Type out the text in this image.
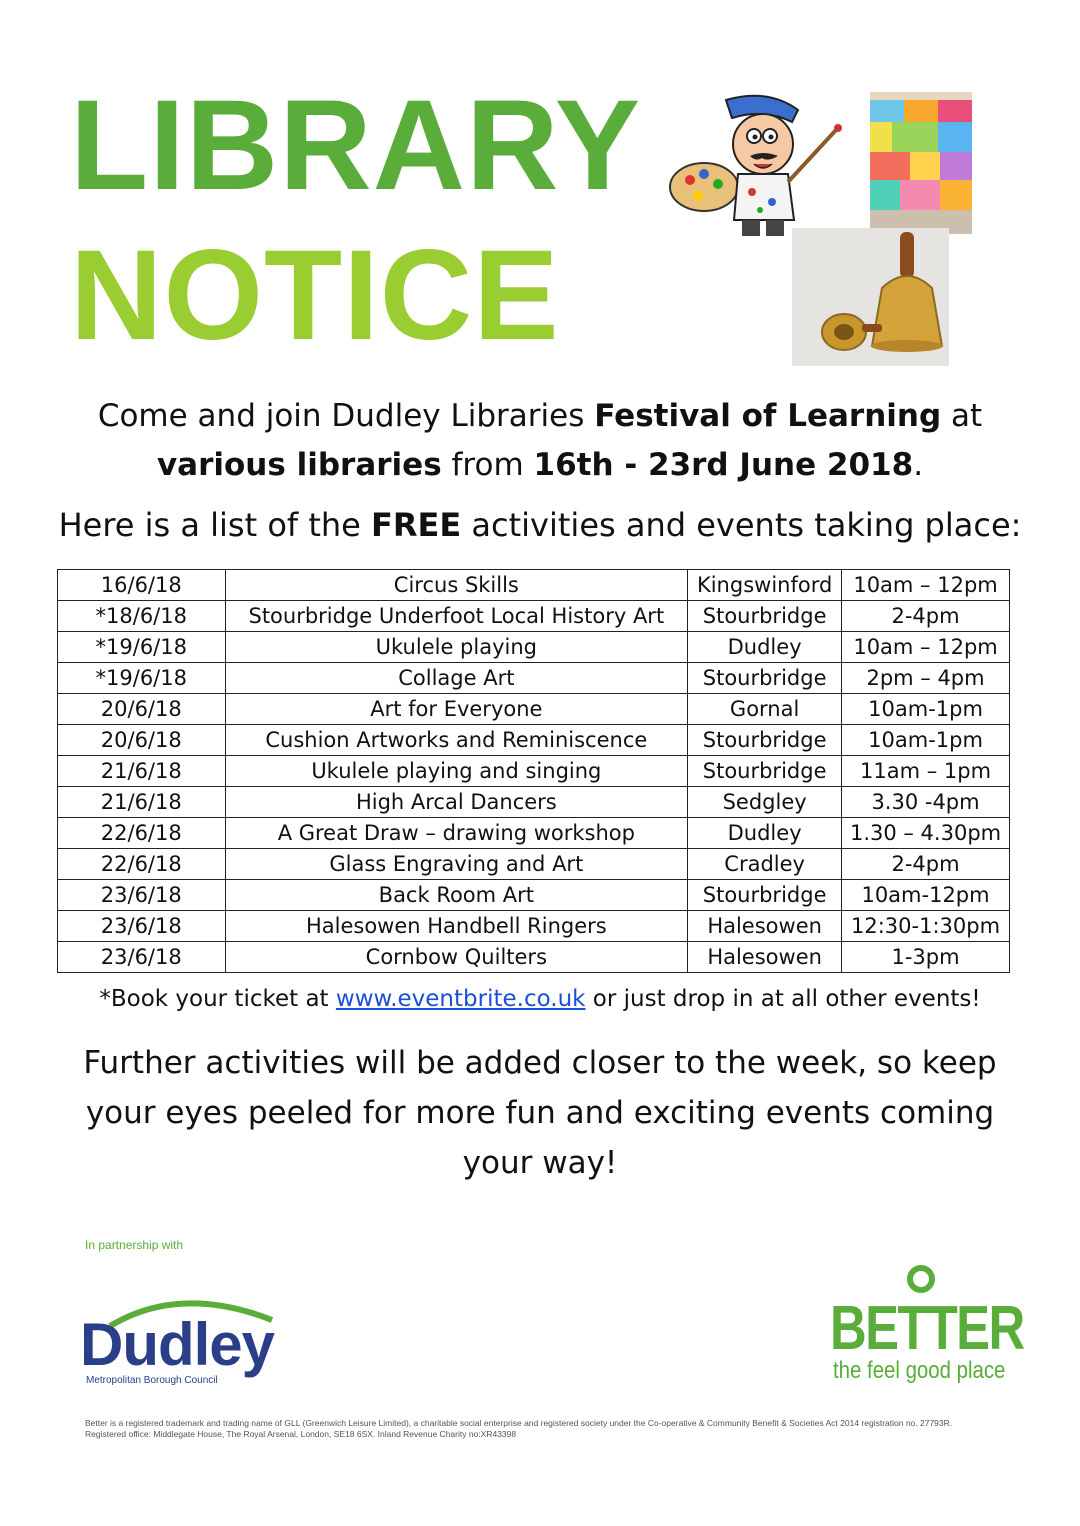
LIBRARY
NOTICE
Come and join Dudley Libraries Festival of Learning at
various libraries from 16th - 23rd June 2018.
Here is a list of the FREE activities and events taking place:
16/6/18	Circus Skills	Kingswinford	10am – 12pm
*18/6/18	Stourbridge Underfoot Local History Art	Stourbridge	2-4pm
*19/6/18	Ukulele playing	Dudley	10am – 12pm
*19/6/18	Collage Art	Stourbridge	2pm – 4pm
20/6/18	Art for Everyone	Gornal	10am-1pm
20/6/18	Cushion Artworks and Reminiscence	Stourbridge	10am-1pm
21/6/18	Ukulele playing and singing	Stourbridge	11am – 1pm
21/6/18	High Arcal Dancers	Sedgley	3.30 -4pm
22/6/18	A Great Draw – drawing workshop	Dudley	1.30 – 4.30pm
22/6/18	Glass Engraving and Art	Cradley	2-4pm
23/6/18	Back Room Art	Stourbridge	10am-12pm
23/6/18	Halesowen Handbell Ringers	Halesowen	12:30-1:30pm
23/6/18	Cornbow Quilters	Halesowen	1-3pm
*Book your ticket at www.eventbrite.co.uk or just drop in at all other events!
Further activities will be added closer to the week, so keep your eyes peeled for more fun and exciting events coming your way!
In partnership with
Dudley
Metropolitan Borough Council
BETTER
the feel good place
Better is a registered trademark and trading name of GLL (Greenwich Leisure Limited), a charitable social enterprise and registered society under the Co-operative & Community Benefit & Societies Act 2014 registration no. 27793R. Registered office: Middlegate House, The Royal Arsenal, London, SE18 6SX. Inland Revenue Charity no:XR43398
